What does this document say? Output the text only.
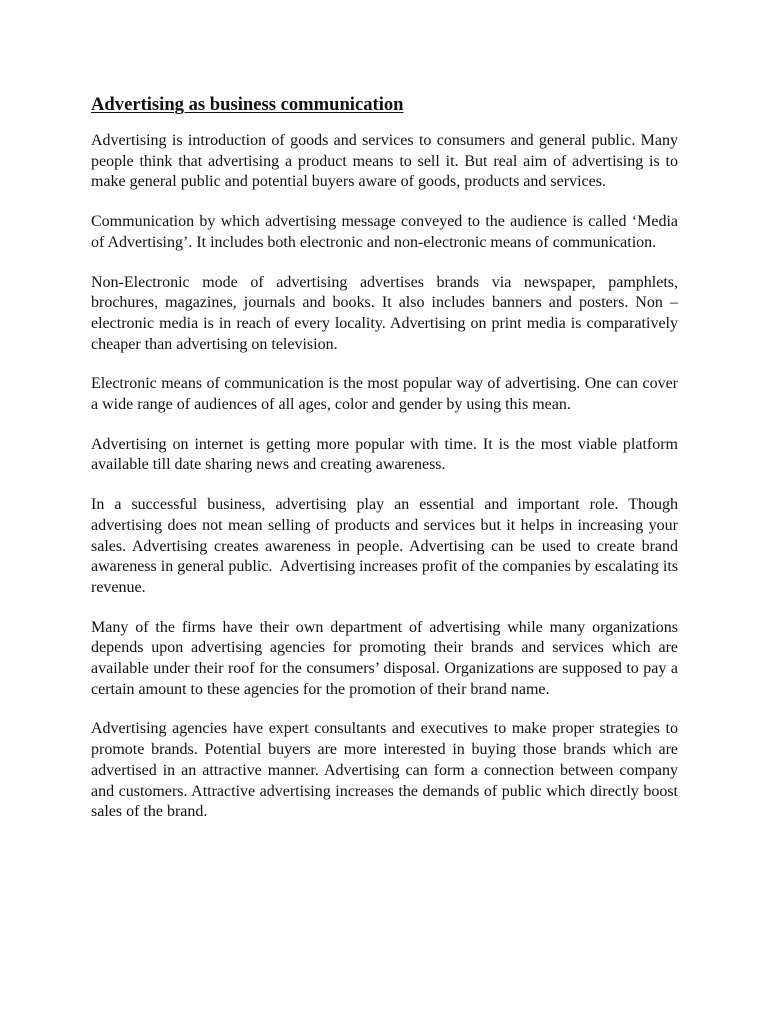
Advertising as business communication

Advertising is introduction of goods and services to consumers and general public. Many people think that advertising a product means to sell it. But real aim of advertising is to make general public and potential buyers aware of goods, products and services.

Communication by which advertising message conveyed to the audience is called ‘Media of Advertising’. It includes both electronic and non-electronic means of communication.

Non-Electronic mode of advertising advertises brands via newspaper, pamphlets, brochures, magazines, journals and books. It also includes banners and posters. Non – electronic media is in reach of every locality. Advertising on print media is comparatively cheaper than advertising on television.

Electronic means of communication is the most popular way of advertising. One can cover a wide range of audiences of all ages, color and gender by using this mean.

Advertising on internet is getting more popular with time. It is the most viable platform available till date sharing news and creating awareness.

In a successful business, advertising play an essential and important role. Though advertising does not mean selling of products and services but it helps in increasing your sales. Advertising creates awareness in people. Advertising can be used to create brand awareness in general public.  Advertising increases profit of the companies by escalating its revenue.

Many of the firms have their own department of advertising while many organizations depends upon advertising agencies for promoting their brands and services which are available under their roof for the consumers’ disposal. Organizations are supposed to pay a certain amount to these agencies for the promotion of their brand name.

Advertising agencies have expert consultants and executives to make proper strategies to promote brands. Potential buyers are more interested in buying those brands which are advertised in an attractive manner. Advertising can form a connection between company and customers. Attractive advertising increases the demands of public which directly boost sales of the brand.
